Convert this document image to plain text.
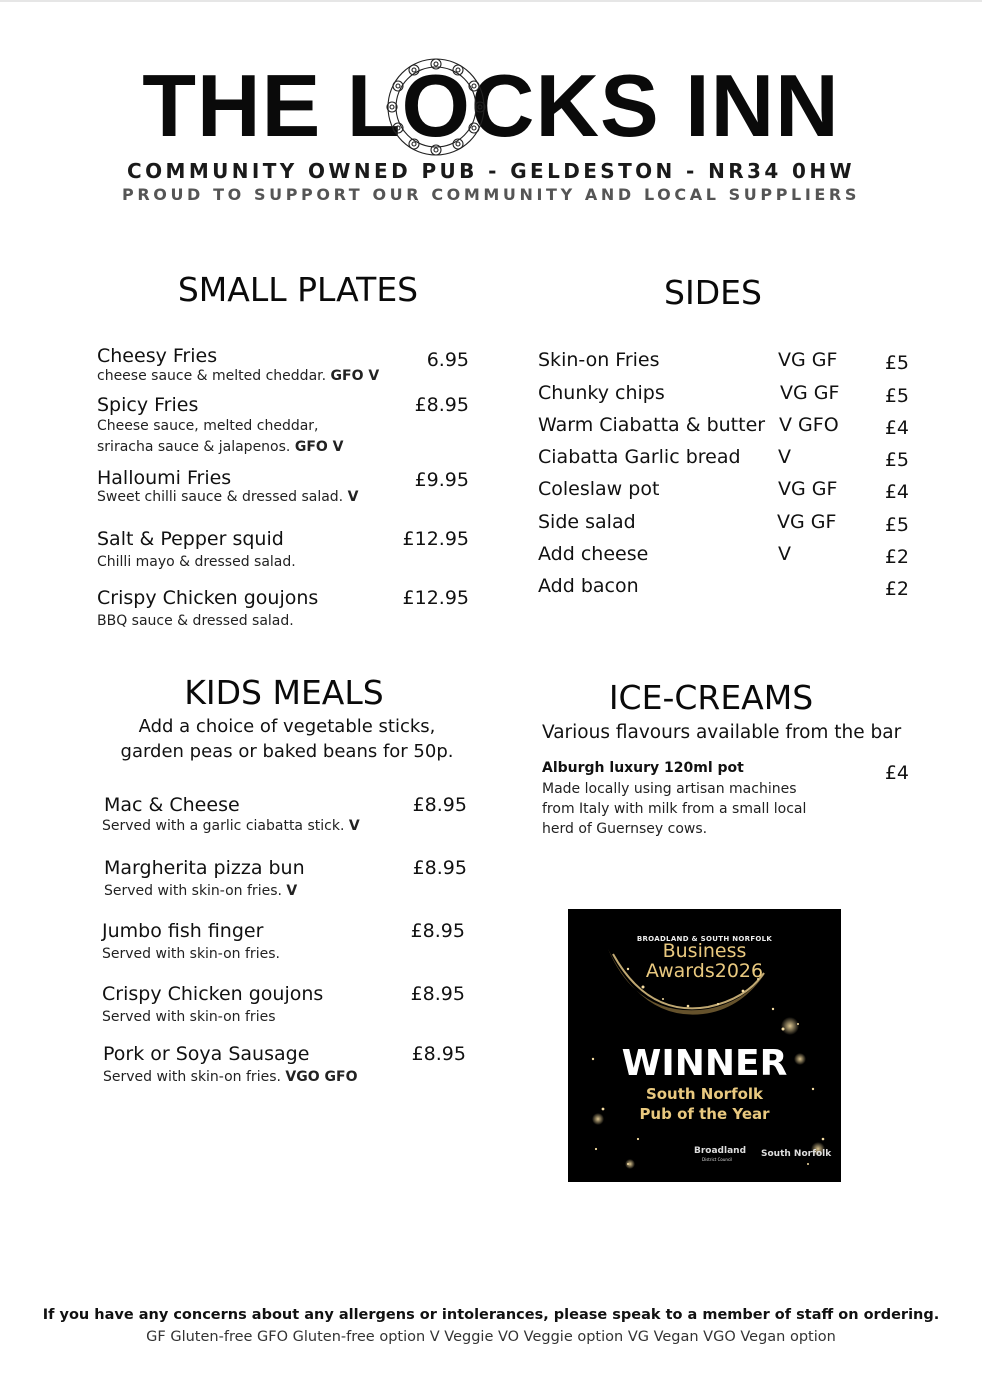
THE LOCKS INN
COMMUNITY OWNED PUB - GELDESTON - NR34 0HW
PROUD TO SUPPORT OUR COMMUNITY AND LOCAL SUPPLIERS
SMALL PLATES
Cheesy Fries	6.95
cheese sauce & melted cheddar. GFO V
Spicy Fries	£8.95
Cheese sauce, melted cheddar,
sriracha sauce & jalapenos. GFO V
Halloumi Fries	£9.95
Sweet chilli sauce & dressed salad. V
Salt & Pepper squid	£12.95
Chilli mayo & dressed salad.
Crispy Chicken goujons	£12.95
BBQ sauce & dressed salad.
SIDES
Skin-on Fries	VG GF	£5
Chunky chips	VG GF	£5
Warm Ciabatta & butter V GFO	£4
Ciabatta Garlic bread V	£5
Coleslaw pot	VG GF	£4
Side salad	VG GF	£5
Add cheese	V	£2
Add bacon	£2
KIDS MEALS
Add a choice of vegetable sticks,
garden peas or baked beans for 50p.
Mac & Cheese	£8.95
Served with a garlic ciabatta stick. V
Margherita pizza bun	£8.95
Served with skin-on fries. V
Jumbo fish finger	£8.95
Served with skin-on fries.
Crispy Chicken goujons	£8.95
Served with skin-on fries
Pork or Soya Sausage	£8.95
Served with skin-on fries. VGO GFO
ICE-CREAMS
Various flavours available from the bar
Alburgh luxury 120ml pot	£4
Made locally using artisan machines
from Italy with milk from a small local
herd of Guernsey cows.
BROADLAND & SOUTH NORFOLK
Business
Awards2026
WINNER
South Norfolk
Pub of the Year
Broadland
District Council
South Norfolk
If you have any concerns about any allergens or intolerances, please speak to a member of staff on ordering.
GF Gluten-free GFO Gluten-free option V Veggie VO Veggie option VG Vegan VGO Vegan option
